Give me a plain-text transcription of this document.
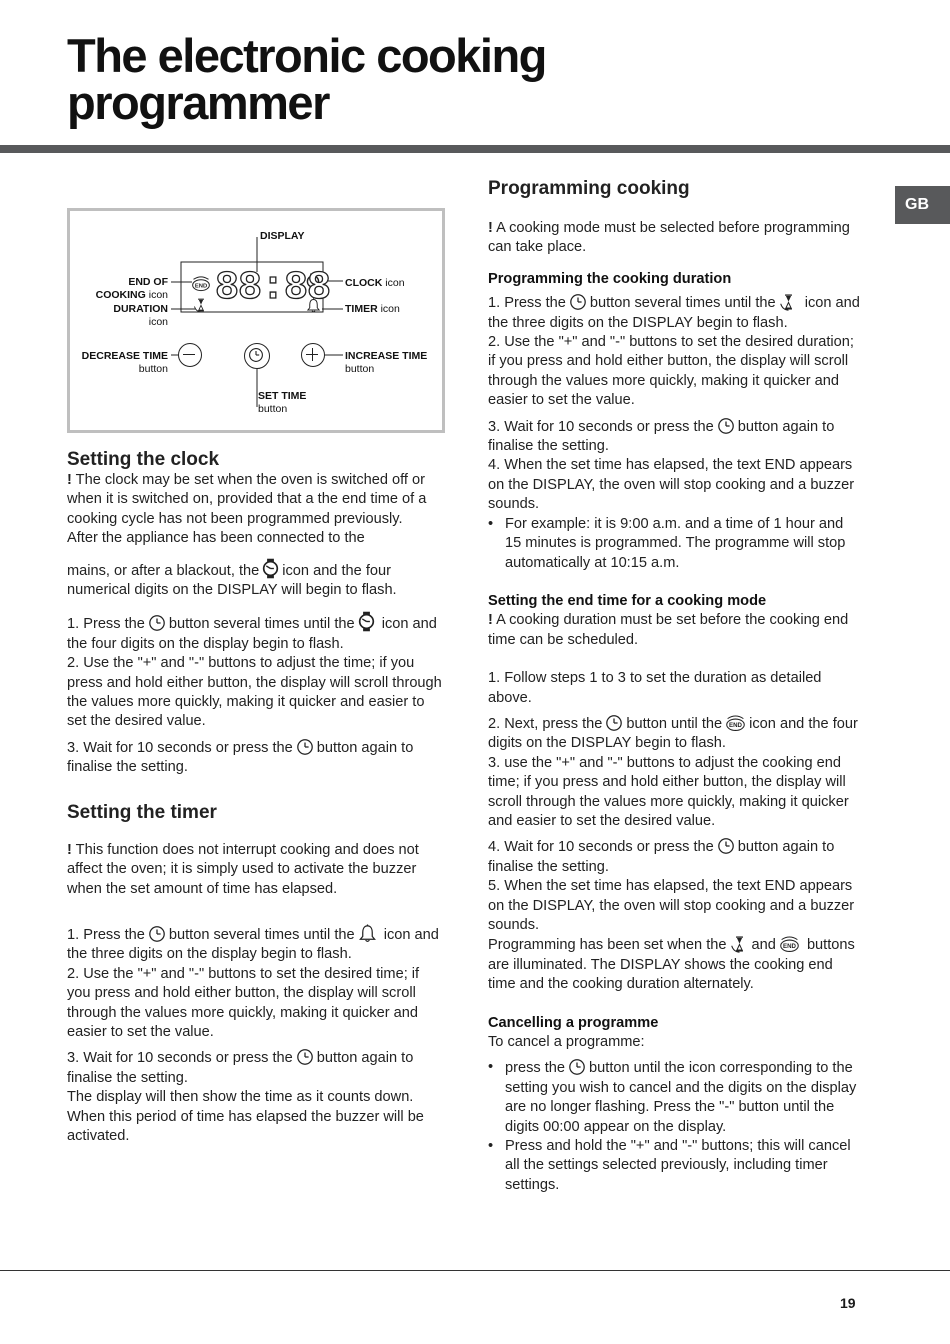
The electronic cooking programmer
GB
88:88
DISPLAY
END OF
COOKING icon
DURATION
icon
CLOCK icon
TIMER icon
DECREASE TIME
button
INCREASE TIME
button
SET TIME
button
Setting the clock

! The clock may be set when the oven is switched off or when it is switched on, provided that a the end time of a cooking cycle has not been programmed previously.

After the appliance has been connected to the

mains, or after a blackout, the icon and the four numerical digits on the DISPLAY will begin to flash.

1. Press the button several times until the icon and the four digits on the display begin to flash.

2. Use the "+" and "-" buttons to adjust the time; if you press and hold either button, the display will scroll through the values more quickly, making it quicker and easier to set the desired value.

3. Wait for 10 seconds or press the button again to finalise the setting.

Setting the timer

! This function does not interrupt cooking and does not affect the oven; it is simply used to activate the buzzer when the set amount of time has elapsed.

1. Press the button several times until the icon and the three digits on the display begin to flash.

2. Use the "+" and "-" buttons to set the desired time; if you press and hold either button, the display will scroll through the values more quickly, making it quicker and easier to set the value.

3. Wait for 10 seconds or press the button again to finalise the setting.

The display will then show the time as it counts down. When this period of time has elapsed the buzzer will be activated.

Programming cooking

! A cooking mode must be selected before programming can take place.

Programming the cooking duration

1. Press the button several times until the icon and the three digits on the DISPLAY begin to flash.

2. Use the "+" and "-" buttons to set the desired duration; if you press and hold either button, the display will scroll through the values more quickly, making it quicker and easier to set the value.

3. Wait for 10 seconds or press the button again to finalise the setting.

4. When the set time has elapsed, the text END appears on the DISPLAY, the oven will stop cooking and a buzzer sounds.

• For example: it is 9:00 a.m. and a time of 1 hour and 15 minutes is programmed. The programme will stop automatically at 10:15 a.m.
Setting the end time for a cooking mode

! A cooking duration must be set before the cooking end time can be scheduled.

1. Follow steps 1 to 3 to set the duration as detailed above.

2. Next, press the button until the icon and the four digits on the DISPLAY begin to flash.

3. use the "+" and "-" buttons to adjust the cooking end time; if you press and hold either button, the display will scroll through the values more quickly, making it quicker and easier to set the desired value.

4. Wait for 10 seconds or press the button again to finalise the setting.

5. When the set time has elapsed, the text END appears on the DISPLAY, the oven will stop cooking and a buzzer sounds.

Programming has been set when the and buttons are illuminated. The DISPLAY shows the cooking end time and the cooking duration alternately.

Cancelling a programme

To cancel a programme:

• press the button until the icon corresponding to the setting you wish to cancel and the digits on the display are no longer flashing. Press the "-" button until the digits 00:00 appear on the display.
• Press and hold the "+" and "-" buttons; this will cancel all the settings selected previously, including timer settings.
19
